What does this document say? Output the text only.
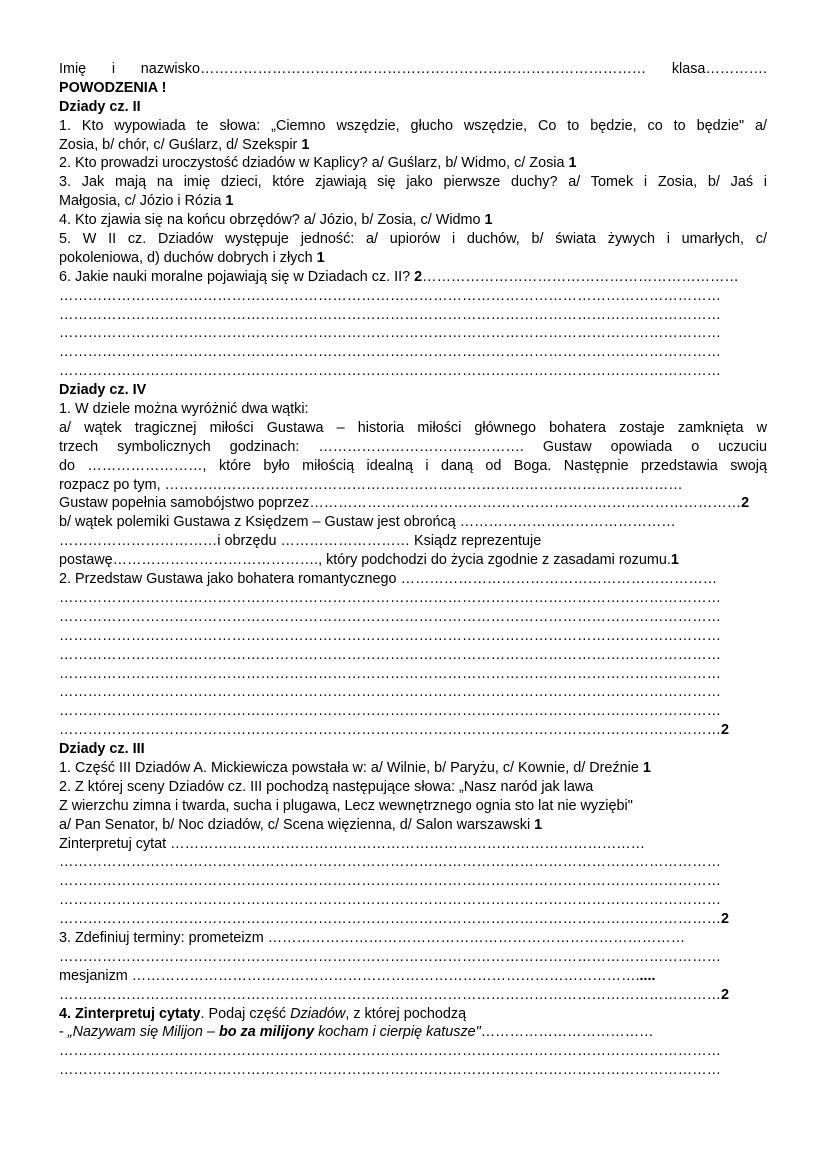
Imię i nazwisko………………………………………………………………………………… klasa………….
POWODZENIA !
Dziady cz. II
1. Kto wypowiada te słowa: „Ciemno wszędzie, głucho wszędzie, Co to będzie, co to będzie" a/
Zosia, b/ chór, c/ Guślarz, d/ Szekspir 1
2. Kto prowadzi uroczystość dziadów w Kaplicy? a/ Guślarz, b/ Widmo, c/ Zosia 1
3. Jak mają na imię dzieci, które zjawiają się jako pierwsze duchy? a/ Tomek i Zosia, b/ Jaś i
Małgosia, c/ Józio i Rózia 1
4. Kto zjawia się na końcu obrzędów? a/ Józio, b/ Zosia, c/ Widmo 1
5. W II cz. Dziadów występuje jedność: a/ upiorów i duchów, b/ świata żywych i umarłych, c/
pokoleniowa, d) duchów dobrych i złych 1
6. Jakie nauki moralne pojawiają się w Dziadach cz. II? 2…………………………………………………………
…………………………………………………………………………………………………………………………
…………………………………………………………………………………………………………………………
…………………………………………………………………………………………………………………………
…………………………………………………………………………………………………………………………
…………………………………………………………………………………………………………………………
Dziady cz. IV
1. W dziele można wyróżnić dwa wątki:
a/ wątek tragicznej miłości Gustawa – historia miłości głównego bohatera zostaje zamknięta w
trzech symbolicznych godzinach: ……………………………………. Gustaw opowiada o uczuciu
do ……………………, które było miłością idealną i daną od Boga. Następnie przedstawia swoją
rozpacz po tym, ………………………………………………………………………………………………
Gustaw popełnia samobójstwo poprzez………………………………………………………………………………2
b/ wątek polemiki Gustawa z Księdzem – Gustaw jest obrońcą ………………………………………
……………………………i obrzędu ……………………… Ksiądz reprezentuje
postawę……………………………………., który podchodzi do życia zgodnie z zasadami rozumu.1
2. Przedstaw Gustawa jako bohatera romantycznego …………………………………………………………
…………………………………………………………………………………………………………………………
…………………………………………………………………………………………………………………………
…………………………………………………………………………………………………………………………
…………………………………………………………………………………………………………………………
…………………………………………………………………………………………………………………………
…………………………………………………………………………………………………………………………
…………………………………………………………………………………………………………………………
…………………………………………………………………………………………………………………………2
Dziady cz. III
1. Część III Dziadów A. Mickiewicza powstała w: a/ Wilnie, b/ Paryżu, c/ Kownie, d/ Dreźnie 1
2. Z której sceny Dziadów cz. III pochodzą następujące słowa: „Nasz naród jak lawa
Z wierzchu zimna i twarda, sucha i plugawa, Lecz wewnętrznego ognia sto lat nie wyziębi"
a/ Pan Senator, b/ Noc dziadów, c/ Scena więzienna, d/ Salon warszawski 1
Zinterpretuj cytat ………………………………………………………………………………………
…………………………………………………………………………………………………………………………
…………………………………………………………………………………………………………………………
…………………………………………………………………………………………………………………………
…………………………………………………………………………………………………………………………2
3. Zdefiniuj terminy: prometeizm ……………………………………………………………………………
…………………………………………………………………………………………………………………………
mesjanizm …………………………………………………………………………………………….....
…………………………………………………………………………………………………………………………2
4. Zinterpretuj cytaty. Podaj część Dziadów, z której pochodzą
- „Nazywam się Milijon – bo za milijony kocham i cierpię katusze"………………………………
…………………………………………………………………………………………………………………………
…………………………………………………………………………………………………………………………
